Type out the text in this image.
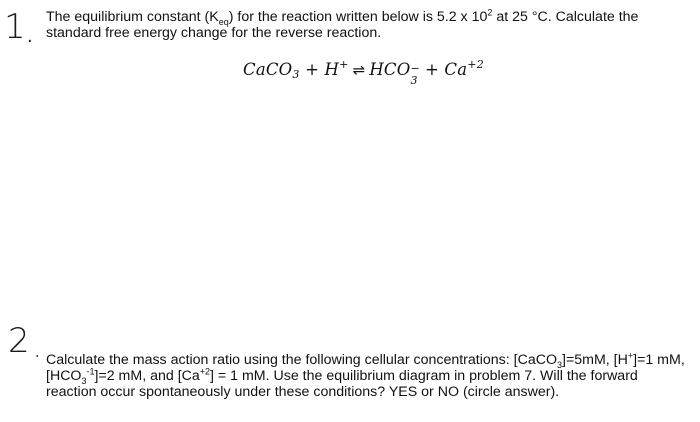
1 .

The equilibrium constant $(K_{eq})$ for the reaction written below is 5.2 x $10^2$ at 25 °C. Calculate the standard free energy change for the reverse reaction.

CaCO$_3$ + H+ ⇌ HCO −
3
+ $Ca^{+2}$
2 . Calculate the mass action ratio using the following cellular concentrations: [CaCO$_3$]=5mM, [H+]=1 mM, $[HCO_3^{-1}]=2$ mM, and $[Ca^{+2}] = 1$ mM. Use the equilibrium diagram in problem 7. Will the forward reaction occur spontaneously under these conditions? YES or NO (circle answer).
